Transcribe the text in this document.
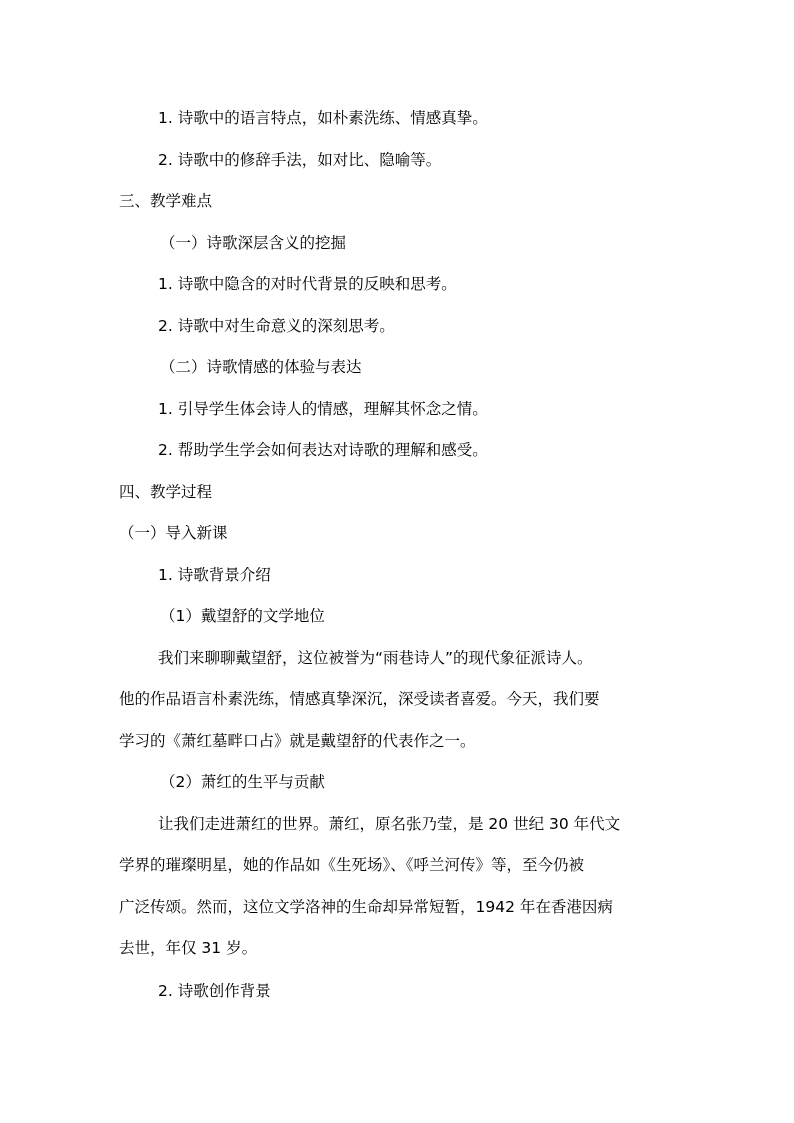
1. 诗歌中的语言特点，如朴素洗练、情感真挚。

2. 诗歌中的修辞手法，如对比、隐喻等。

三、教学难点

（一）诗歌深层含义的挖掘

1. 诗歌中隐含的对时代背景的反映和思考。

2. 诗歌中对生命意义的深刻思考。

（二）诗歌情感的体验与表达

1. 引导学生体会诗人的情感，理解其怀念之情。

2. 帮助学生学会如何表达对诗歌的理解和感受。

四、教学过程

（一）导入新课

1. 诗歌背景介绍

（1）戴望舒的文学地位

我们来聊聊戴望舒，这位被誉为“雨巷诗人”的现代象征派诗人。

他的作品语言朴素洗练，情感真挚深沉，深受读者喜爱。今天，我们要

学习的《萧红墓畔口占》就是戴望舒的代表作之一。

（2）萧红的生平与贡献

让我们走进萧红的世界。萧红，原名张乃莹，是 20 世纪 30 年代文

学界的璀璨明星，她的作品如《生死场》、《呼兰河传》等，至今仍被

广泛传颂。然而，这位文学洛神的生命却异常短暂，1942 年在香港因病

去世，年仅 31 岁。

2. 诗歌创作背景
